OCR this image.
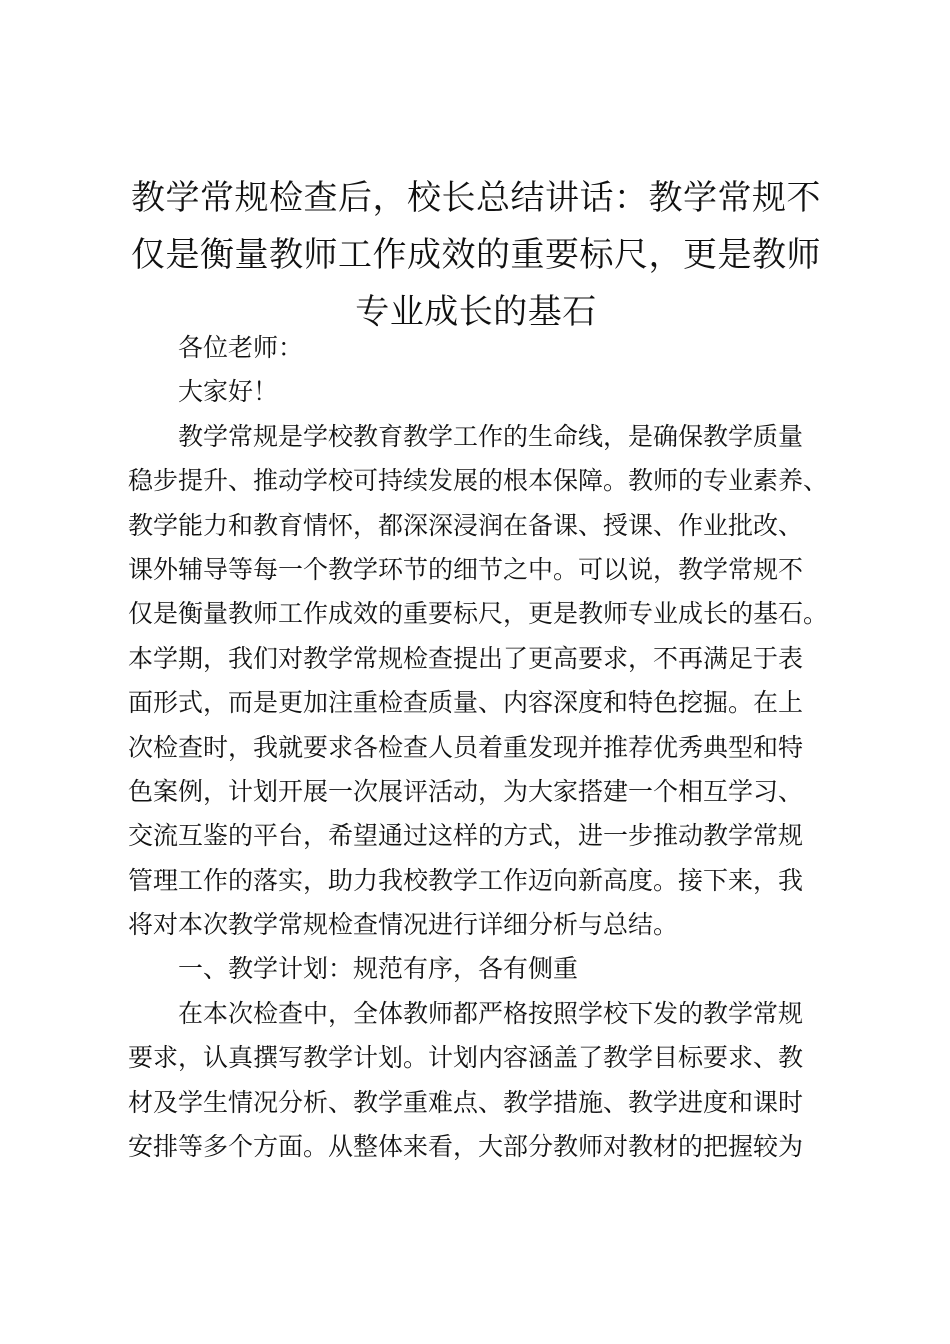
教学常规检查后，校长总结讲话：教学常规不
仅是衡量教师工作成效的重要标尺，更是教师
专业成长的基石
各位老师：
大家好！
教学常规是学校教育教学工作的生命线，是确保教学质量
稳步提升、推动学校可持续发展的根本保障。教师的专业素养、
教学能力和教育情怀，都深深浸润在备课、授课、作业批改、
课外辅导等每一个教学环节的细节之中。可以说，教学常规不
仅是衡量教师工作成效的重要标尺，更是教师专业成长的基石。
本学期，我们对教学常规检查提出了更高要求，不再满足于表
面形式，而是更加注重检查质量、内容深度和特色挖掘。在上
次检查时，我就要求各检查人员着重发现并推荐优秀典型和特
色案例，计划开展一次展评活动，为大家搭建一个相互学习、
交流互鉴的平台，希望通过这样的方式，进一步推动教学常规
管理工作的落实，助力我校教学工作迈向新高度。接下来，我
将对本次教学常规检查情况进行详细分析与总结。
一、教学计划：规范有序，各有侧重
在本次检查中，全体教师都严格按照学校下发的教学常规
要求，认真撰写教学计划。计划内容涵盖了教学目标要求、教
材及学生情况分析、教学重难点、教学措施、教学进度和课时
安排等多个方面。从整体来看，大部分教师对教材的把握较为
